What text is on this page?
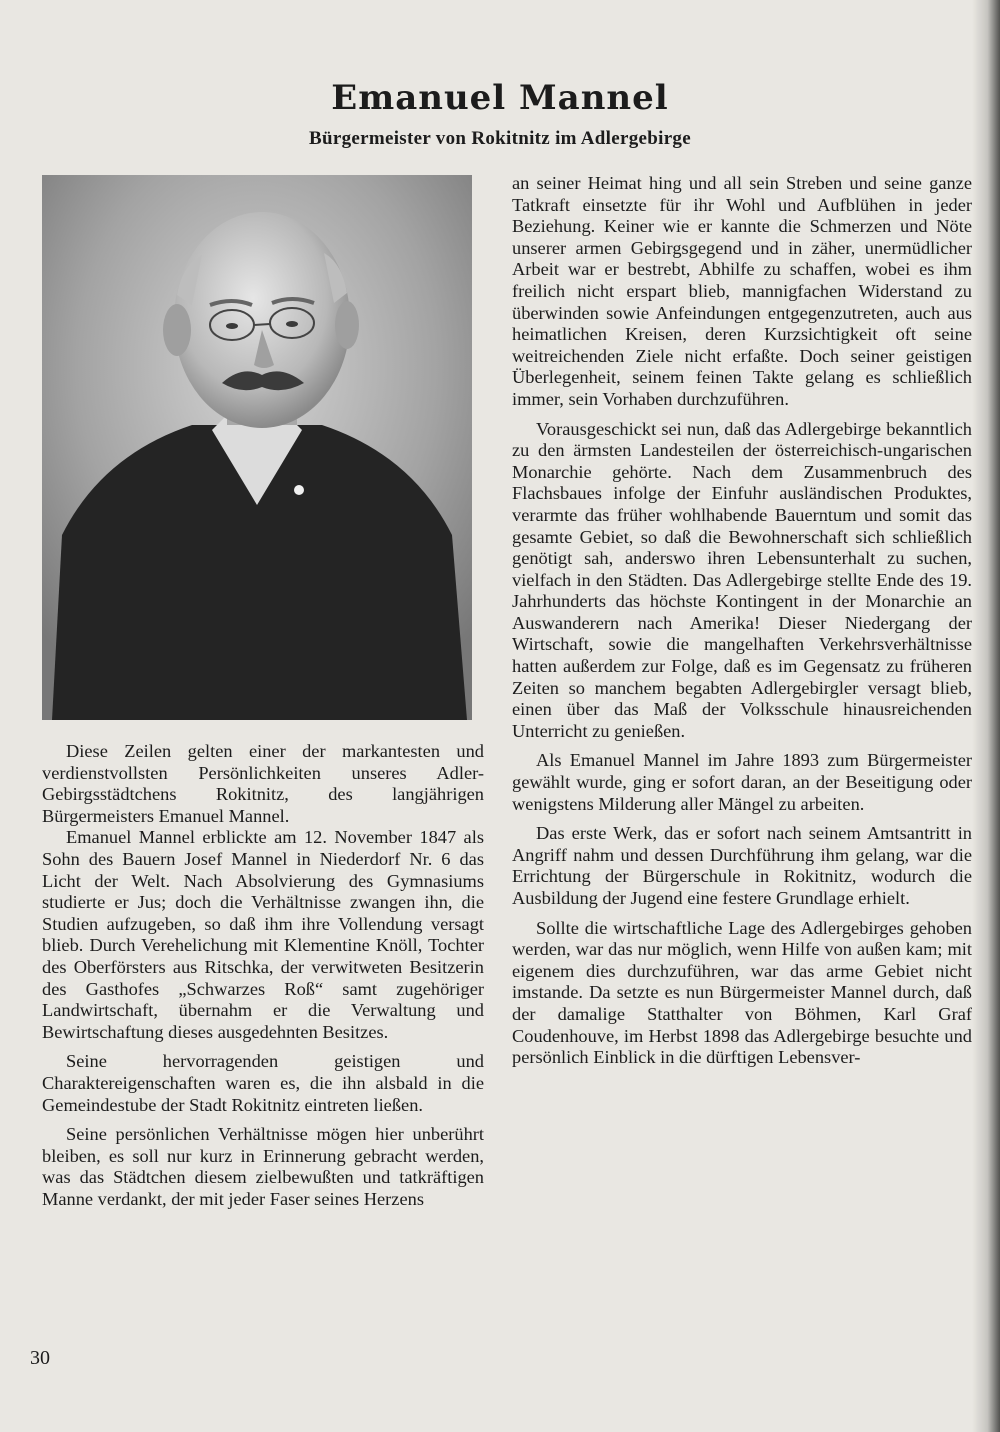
Emanuel Mannel
Bürgermeister von Rokitnitz im Adlergebirge

Diese Zeilen gelten einer der markantesten und verdienstvollsten Persönlichkeiten unseres Adler-Gebirgsstädtchens Rokitnitz, des langjährigen Bürgermeisters Emanuel Mannel.

Emanuel Mannel erblickte am 12. November 1847 als Sohn des Bauern Josef Mannel in Niederdorf Nr. 6 das Licht der Welt. Nach Absolvierung des Gymnasiums studierte er Jus; doch die Verhältnisse zwangen ihn, die Studien aufzugeben, so daß ihm ihre Vollendung versagt blieb. Durch Verehelichung mit Klementine Knöll, Tochter des Oberförsters aus Ritschka, der verwitweten Besitzerin des Gasthofes „Schwarzes Roß“ samt zugehöriger Landwirtschaft, übernahm er die Verwaltung und Bewirtschaftung dieses ausgedehnten Besitzes.

Seine hervorragenden geistigen und Charaktereigenschaften waren es, die ihn alsbald in die Gemeindestube der Stadt Rokitnitz eintreten ließen.

Seine persönlichen Verhältnisse mögen hier unberührt bleiben, es soll nur kurz in Erinnerung gebracht werden, was das Städtchen diesem zielbewußten und tatkräftigen Manne verdankt, der mit jeder Faser seines Herzens

an seiner Heimat hing und all sein Streben und seine ganze Tatkraft einsetzte für ihr Wohl und Aufblühen in jeder Beziehung. Keiner wie er kannte die Schmerzen und Nöte unserer armen Gebirgsgegend und in zäher, unermüdlicher Arbeit war er bestrebt, Abhilfe zu schaffen, wobei es ihm freilich nicht erspart blieb, mannigfachen Widerstand zu überwinden sowie Anfeindungen entgegenzutreten, auch aus heimatlichen Kreisen, deren Kurzsichtigkeit oft seine weitreichenden Ziele nicht erfaßte. Doch seiner geistigen Überlegenheit, seinem feinen Takte gelang es schließlich immer, sein Vorhaben durchzuführen.

Vorausgeschickt sei nun, daß das Adlergebirge bekanntlich zu den ärmsten Landesteilen der österreichisch-ungarischen Monarchie gehörte. Nach dem Zusammenbruch des Flachsbaues infolge der Einfuhr ausländischen Produktes, verarmte das früher wohlhabende Bauerntum und somit das gesamte Gebiet, so daß die Bewohnerschaft sich schließlich genötigt sah, anderswo ihren Lebensunterhalt zu suchen, vielfach in den Städten. Das Adlergebirge stellte Ende des 19. Jahrhunderts das höchste Kontingent in der Monarchie an Auswanderern nach Amerika! Dieser Niedergang der Wirtschaft, sowie die mangelhaften Verkehrsverhältnisse hatten außerdem zur Folge, daß es im Gegensatz zu früheren Zeiten so manchem begabten Adlergebirgler versagt blieb, einen über das Maß der Volksschule hinausreichenden Unterricht zu genießen.

Als Emanuel Mannel im Jahre 1893 zum Bürgermeister gewählt wurde, ging er sofort daran, an der Beseitigung oder wenigstens Milderung aller Mängel zu arbeiten.

Das erste Werk, das er sofort nach seinem Amtsantritt in Angriff nahm und dessen Durchführung ihm gelang, war die Errichtung der Bürgerschule in Rokitnitz, wodurch die Ausbildung der Jugend eine festere Grundlage erhielt.

Sollte die wirtschaftliche Lage des Adlergebirges gehoben werden, war das nur möglich, wenn Hilfe von außen kam; mit eigenem dies durchzuführen, war das arme Gebiet nicht imstande. Da setzte es nun Bürgermeister Mannel durch, daß der damalige Statthalter von Böhmen, Karl Graf Coudenhouve, im Herbst 1898 das Adlergebirge besuchte und persönlich Einblick in die dürftigen Lebensver-

30
